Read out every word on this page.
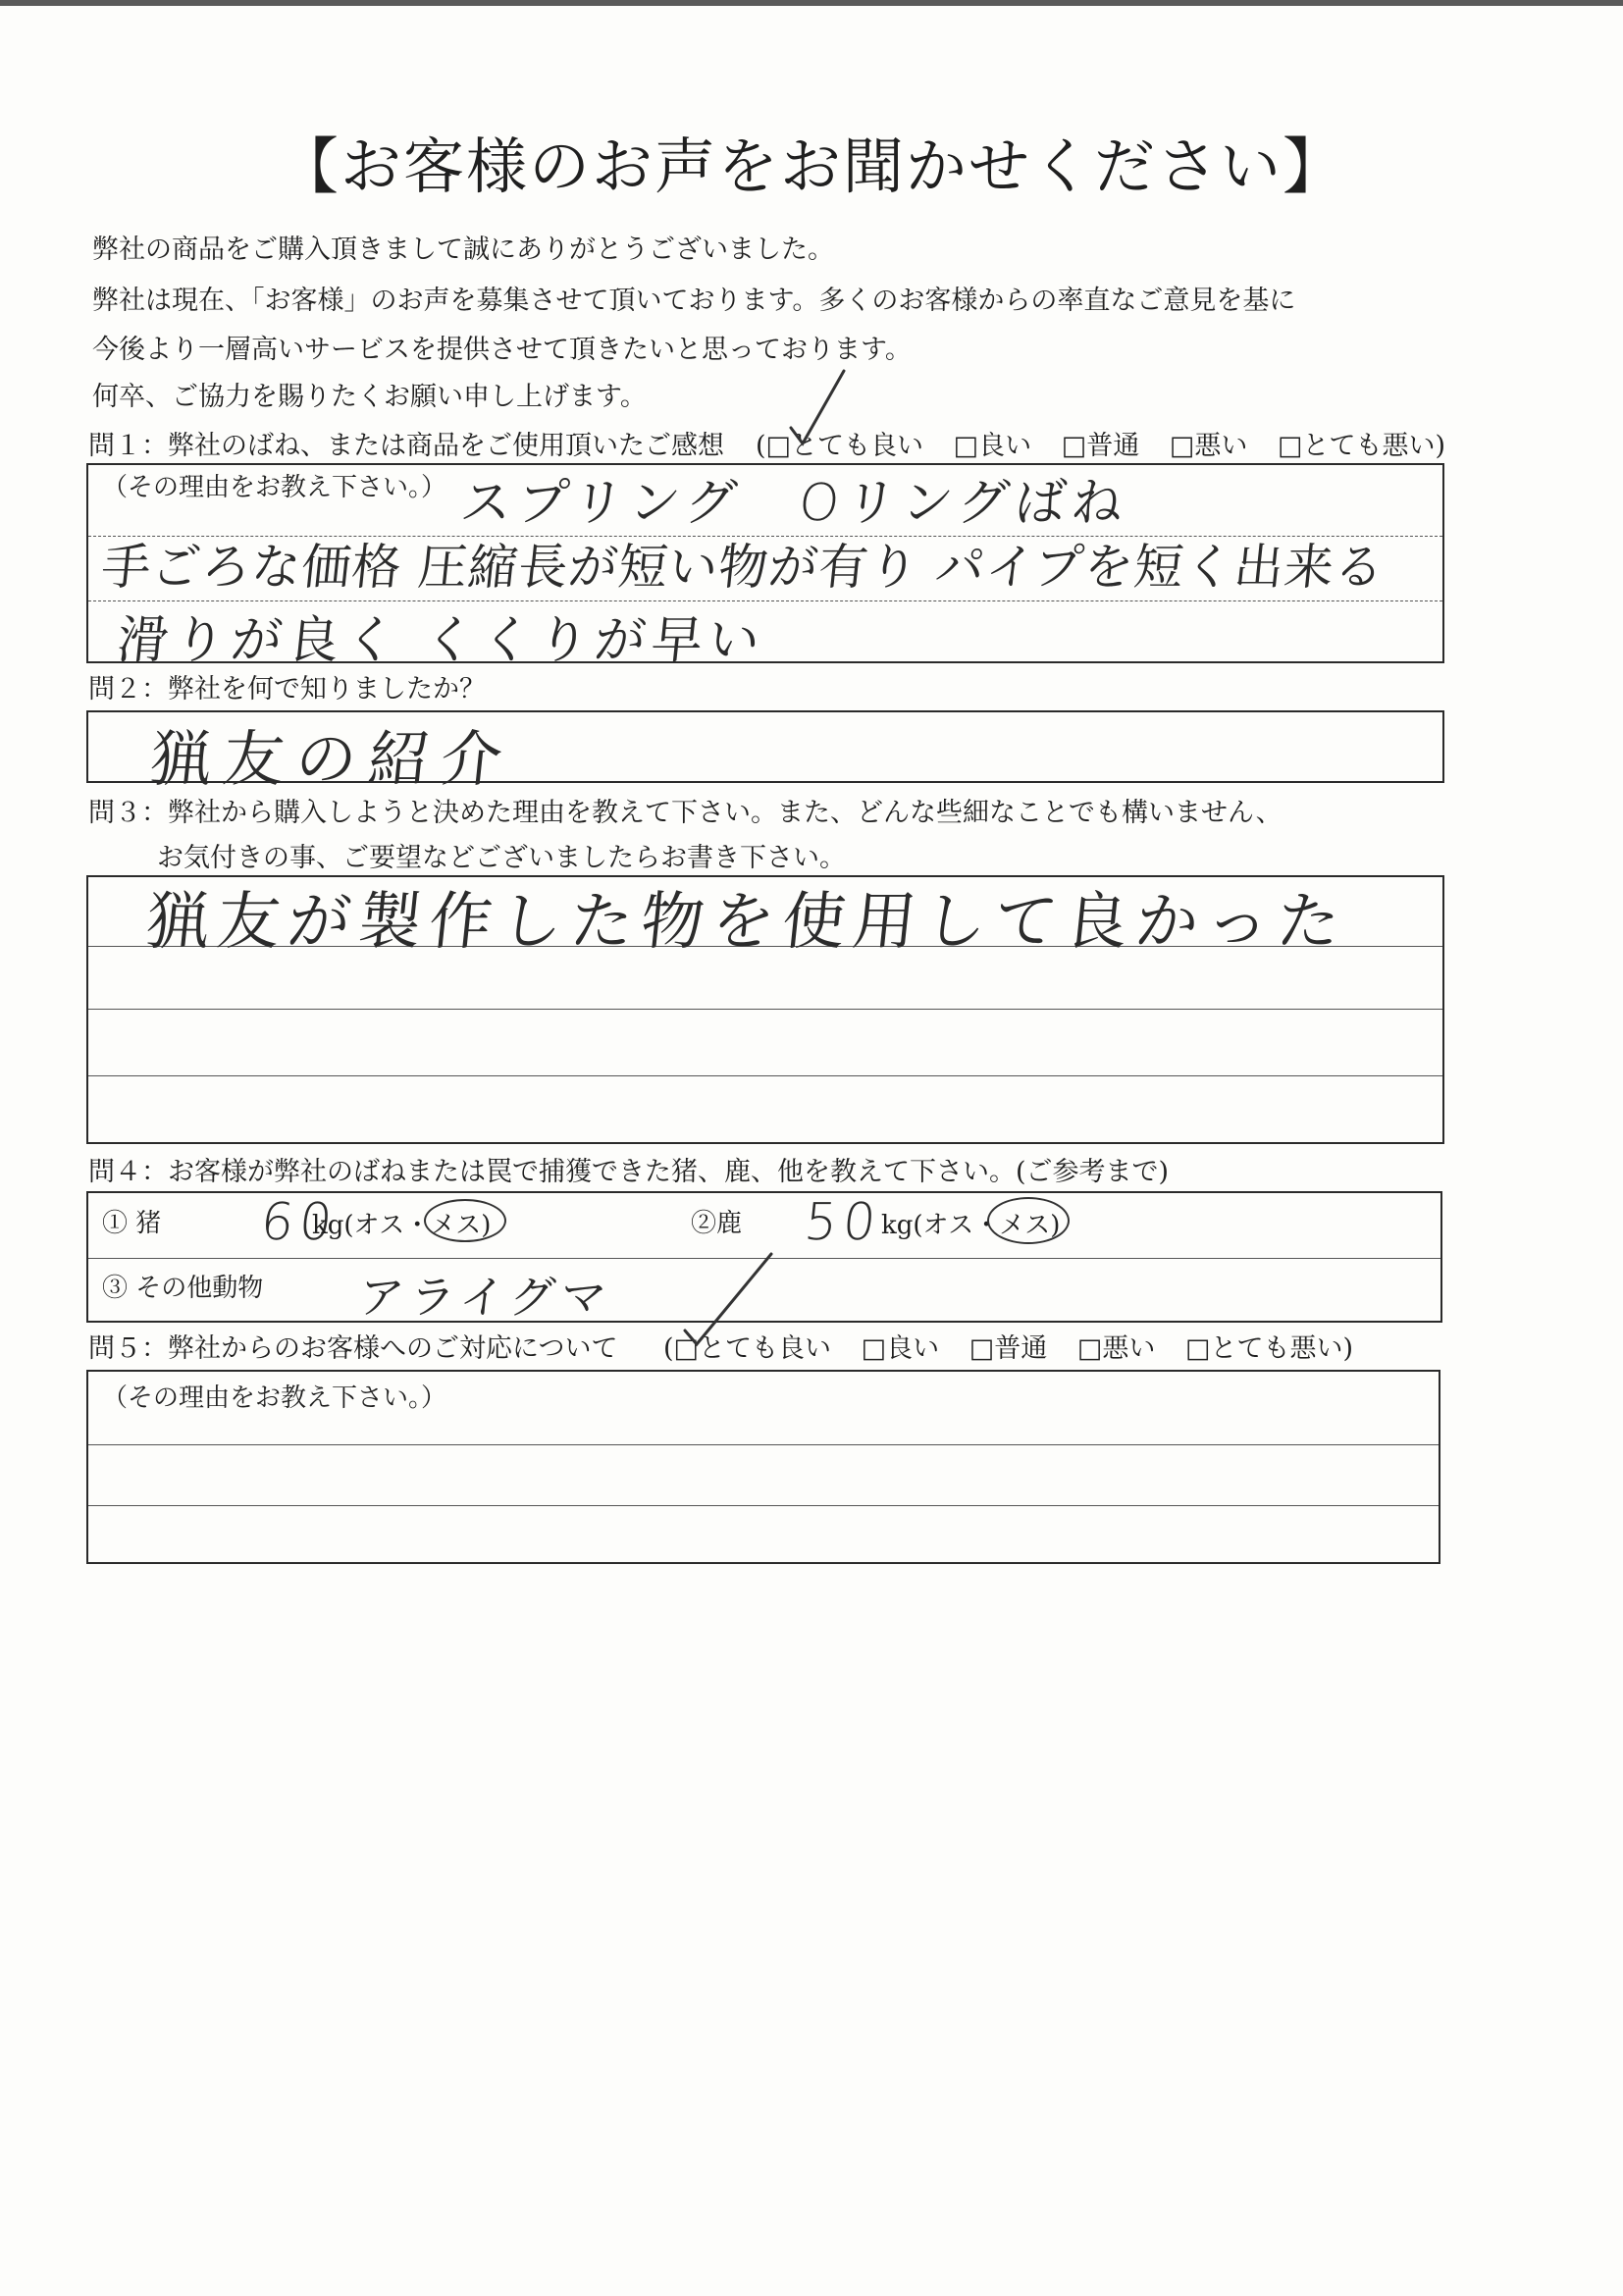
【お客様のお声をお聞かせください】
弊社の商品をご購入頂きまして誠にありがとうございました。
弊社は現在、「お客様」のお声を募集させて頂いております。多くのお客様からの率直なご意見を基に
今後より一層高いサービスを提供させて頂きたいと思っております。
何卒、ご協力を賜りたくお願い申し上げます。
問１：弊社のばね、または商品をご使用頂いたご感想 (□とても良い □良い □普通 □悪い □とても悪い)
（その理由をお教え下さい。） スプリング　Oリングばね
手ごろな価格 圧縮長が短い物が有り パイプを短く出来る
滑りが良く くくりが早い
問２：弊社を何で知りましたか？
猟友の紹介
問３：弊社から購入しようと決めた理由を教えて下さい。また、どんな些細なことでも構いません、
お気付きの事、ご要望などございましたらお書き下さい。
猟友が製作した物を使用して良かった
問４：お客様が弊社のばねまたは罠で捕獲できた猪、鹿、他を教えて下さい。(ご参考まで)
① 猪 60
kg(オス・メス)	②鹿 50
kg(オス・メス)
③ その他動物 アライグマ
問５：弊社からのお客様へのご対応について (□とても良い □良い □普通 □悪い □とても悪い)
（その理由をお教え下さい。）
